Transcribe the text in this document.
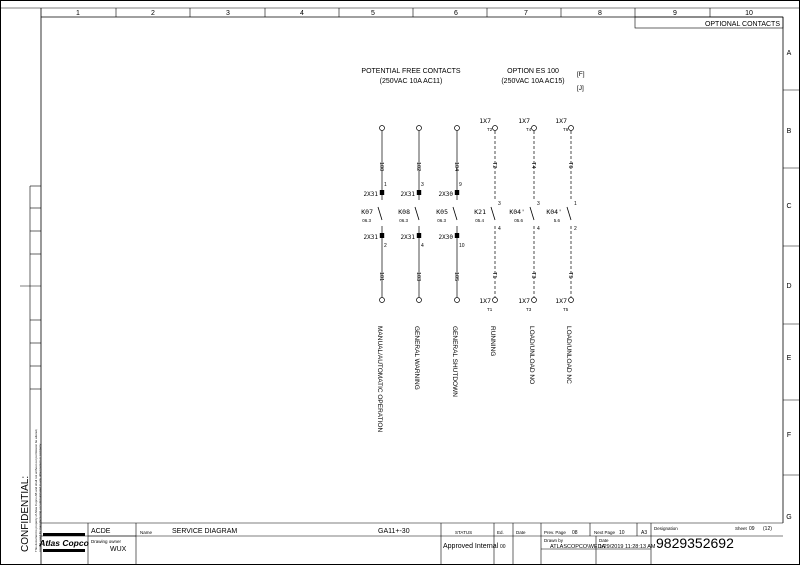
1	2	3	4	5	6	7	8	9	10
OPTIONAL CONTACTS
A
B
C
D
E
F
G
CONFIDENTIAL: This document is property of Atlas Copco AB and shall not without our permission be altered, copied, used for manufacturing or communicated to any other person or company.
POTENTIAL FREE CONTACTS
(250VAC 10A AC11)
OPTION ES 100
(250VAC 10A AC15)
[F]
[J]
2X31
2X31
1
2
100
101
K07
06.3
MANUAL/AUTOMATIC OPERATION
2X31
2X31
3
4
102
103
K08
06.3
GENERAL WARNING
2X30
2X30
9
10
104
105
K05
06.3
GENERAL SHUTDOWN
1X7
1X7
T2
T1
3
4
T2
T1
K21
05.4
RUNNING
1X7
1X7
T4
T3
3
4
T4
T3
K04'
05.6
LOAD/UNLOAD NO
1X7
1X7
T6
T5
1
2
T6
T5
K04'
5.6
LOAD/UNLOAD NC
Atlas Copco
ACDE
Drawing owner
WUX
Name	SERVICE DIAGRAM	GA11+-30	STATUS
Approved Internal
Ed.
00
Date	Prev. Page 08	Next Page 10	A3
Drawn by
ATLASCOPCO\WEDA
Date
1/29/2019 11:28:13 AM
Designation
9829352692
Sheet 09 (12)
